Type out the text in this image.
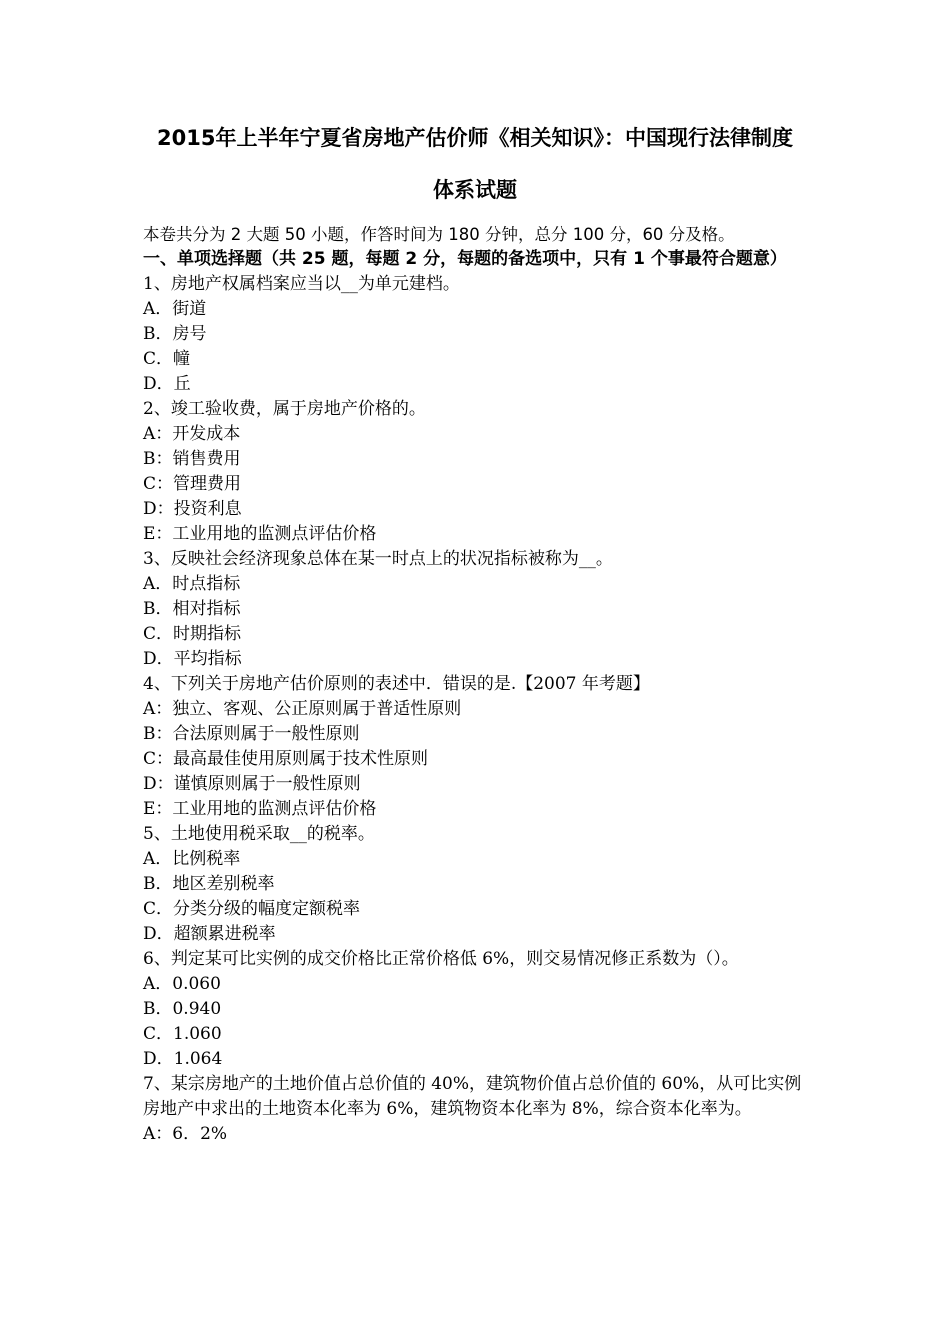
2015年上半年宁夏省房地产估价师《相关知识》：中国现行法律制度
体系试题
本卷共分为 2 大题 50 小题，作答时间为 180 分钟，总分 100 分，60 分及格。
一、单项选择题（共 25 题，每题 2 分，每题的备选项中，只有 1 个事最符合题意）
1、房地产权属档案应当以__为单元建档。
A．街道
B．房号
C．幢
D．丘
2、竣工验收费，属于房地产价格的。
A：开发成本
B：销售费用
C：管理费用
D：投资利息
E：工业用地的监测点评估价格
3、反映社会经济现象总体在某一时点上的状况指标被称为__。
A．时点指标
B．相对指标
C．时期指标
D．平均指标
4、下列关于房地产估价原则的表述中．错误的是.【2007 年考题】
A：独立、客观、公正原则属于普适性原则
B：合法原则属于一般性原则
C：最高最佳使用原则属于技术性原则
D：谨慎原则属于一般性原则
E：工业用地的监测点评估价格
5、土地使用税采取__的税率。
A．比例税率
B．地区差别税率
C．分类分级的幅度定额税率
D．超额累进税率
6、判定某可比实例的成交价格比正常价格低 6%，则交易情况修正系数为（）。
A．0.060
B．0.940
C．1.060
D．1.064
7、某宗房地产的土地价值占总价值的 40%，建筑物价值占总价值的 60%，从可比实例房地产中求出的土地资本化率为 6%，建筑物资本化率为 8%，综合资本化率为。
A：6．2%
